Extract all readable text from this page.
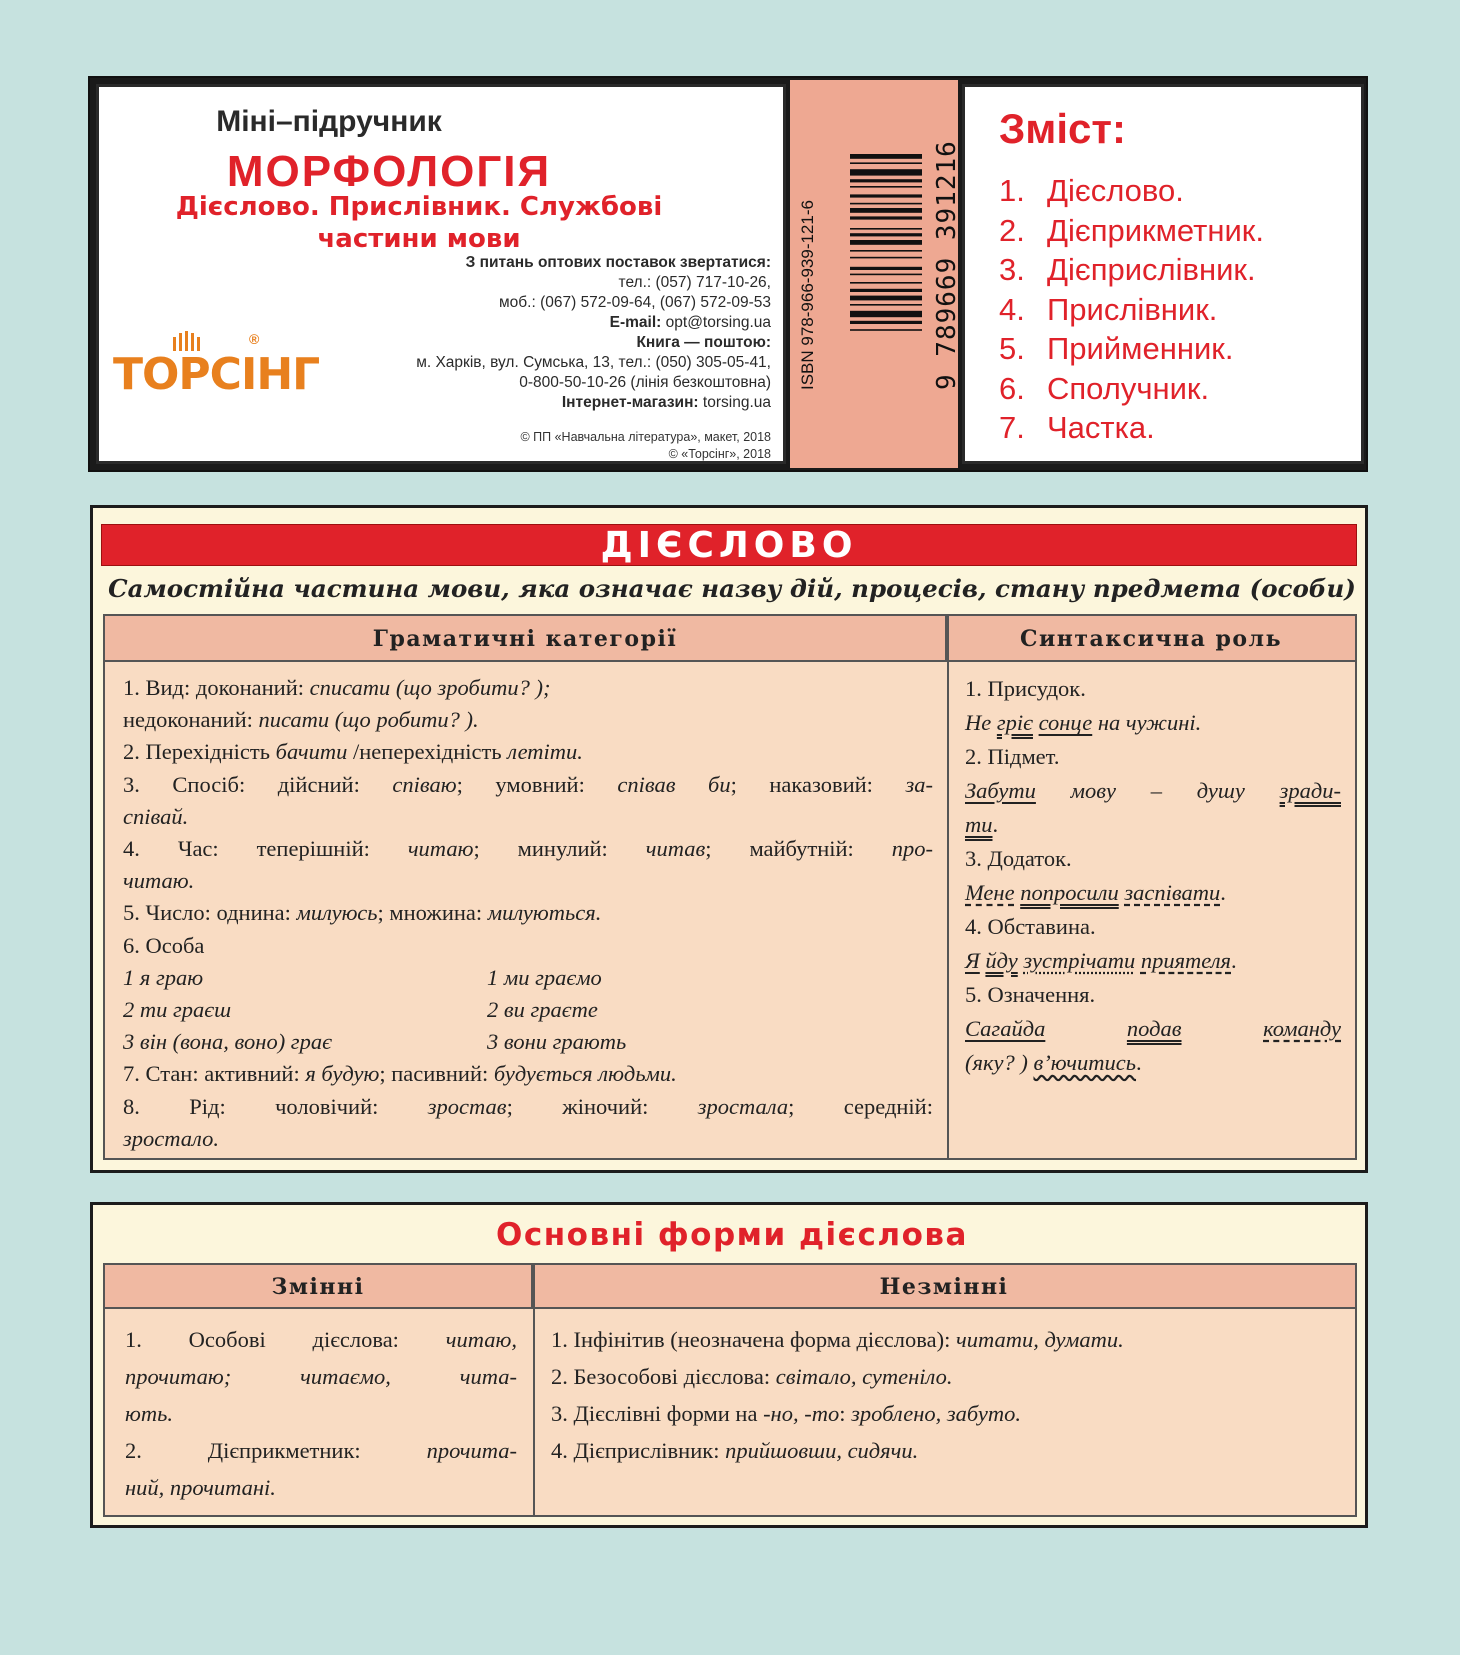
Міні–підручник
МОРФОЛОГІЯ
Дієслово. Прислівник. Службові
частини мови
З питань оптових поставок звертатися:
тел.: (057) 717-10-26,
моб.: (067) 572-09-64, (067) 572-09-53
E-mail: opt@torsing.ua
Книга — поштою:
м. Харків, вул. Сумська, 13, тел.: (050) 305-05-41,
0-800-50-10-26 (лінія безкоштовна)
Інтернет-магазин: torsing.ua
© ПП «Навчальна література», макет, 2018
© «Торсінг», 2018
ТОРСІНГ
®	ISBN 978-966-939-121-6	9 789669 391216
Зміст:
1. Дієслово.
2. Дієприкметник.
3. Дієприслівник.
4. Прислівник.
5. Прийменник.
6. Сполучник.
7. Частка.
ДІЄСЛОВО
Самостійна частина мови, яка означає назву дій, процесів, стану предмета (особи)
Граматичні категорії	Синтаксична роль
1. Вид: доконаний: списати (що зробити? );
недоконаний: писати (що робити? ).
2. Перехідність бачити /неперехідність летіти.
3. Спосіб: дійсний: співаю; умовний: співав би; наказовий: за-
співай.
4. Час: теперішній: читаю; минулий: читав; майбутній: про-
читаю.
5. Число: однина: милуюсь; множина: милуються.
6. Особа
1 я граю	1 ми граємо
2 ти граєш	2 ви граєте
3 він (вона, воно) грає	3 вони грають
7. Стан: активний: я будую; пасивний: будується людьми.
8. Рід: чоловічий: зростав; жіночий: зростала; середній:
зростало.
1. Присудок.
Не гріє сонце на чужині.
2. Підмет.
Забути мову – душу зради-
ти.
3. Додаток.
Мене попросили заспівати.
4. Обставина.
Я йду зустрічати приятеля.
5. Означення.
Сагайда	подав	команду
(яку? ) в’ючитись.
Основні форми дієслова
Змінні	Незмінні
1. Особові дієслова: читаю,
прочитаю; читаємо, чита-
ють.
2. Дієприкметник: прочита-
ний, прочитані.
1. Інфінітив (неозначена форма дієслова): читати, думати.
2. Безособові дієслова: світало, сутеніло.
3. Дієслівні форми на -но, -то: зроблено, забуто.
4. Дієприслівник: прийшовши, сидячи.
